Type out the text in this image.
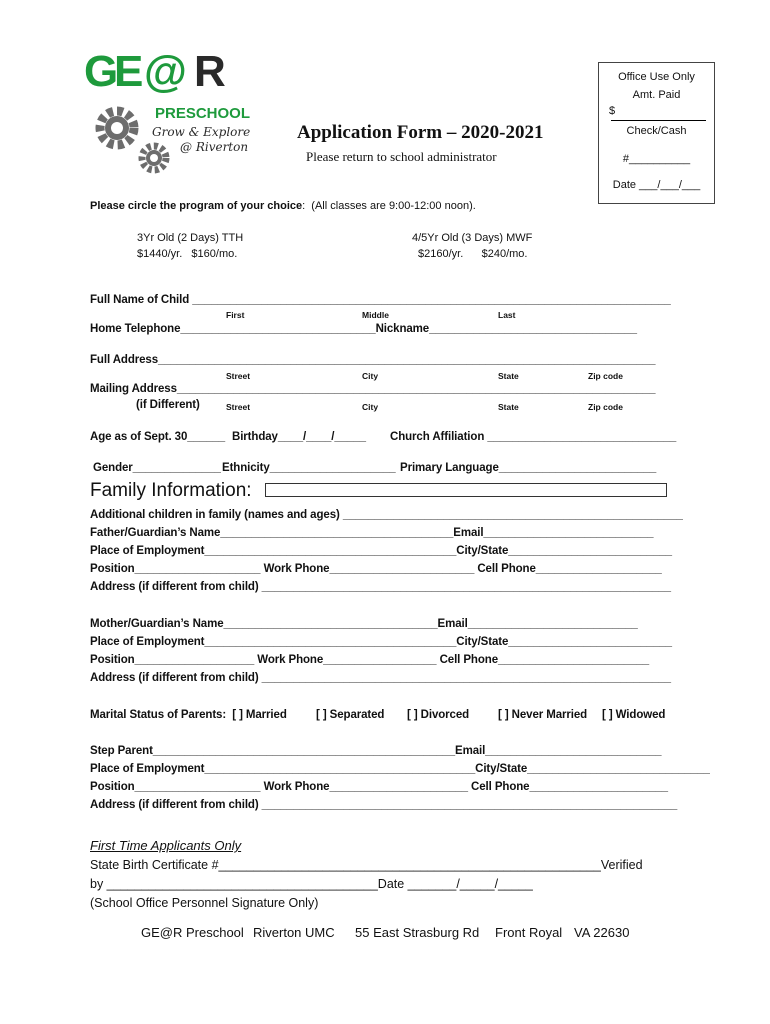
G
E @ R
PRESCHOOL
Grow & Explore
@ Riverton
Office Use Only
Amt. Paid
$
Check/Cash
#__________
Date ___/___/___
Application Form – 2020-2021
Please return to school administrator
Please circle the program of your choice:  (All classes are 9:00-12:00 noon).
3Yr Old (2 Days) TTH
$1440/yr.   $160/mo.
4/5Yr Old (3 Days) MWF
$2160/yr.      $240/mo.
Full Name of Child ____________________________________________________________________________
First	Middle	Last
Home Telephone_______________________________Nickname_________________________________
Full Address_______________________________________________________________________________
Street	City	State	Zip code
Mailing Address____________________________________________________________________________
(if Different)	Street	City	State	Zip code
Age as of Sept. 30______ Birthday____/____/_____ Church Affiliation ______________________________
Gender______________ Ethnicity____________________ Primary Language_________________________
Family Information:
Additional children in family (names and ages) ______________________________________________________
Father/Guardian’s Name_____________________________________Email___________________________
Place of Employment________________________________________City/State__________________________
Position____________________ Work Phone_______________________ Cell Phone____________________
Address (if different from child) _________________________________________________________________
Mother/Guardian’s Name__________________________________Email___________________________
Place of Employment________________________________________City/State__________________________
Position___________________ Work Phone__________________ Cell Phone________________________
Address (if different from child) _________________________________________________________________
Marital Status of Parents:  [ ] Married	[ ] Separated [ ] Divorced	[ ] Never Married [ ] Widowed
Step Parent________________________________________________Email____________________________
Place of Employment___________________________________________City/State_____________________________
Position____________________ Work Phone______________________ Cell Phone______________________
Address (if different from child) __________________________________________________________________
First Time Applicants Only
State Birth Certificate #_______________________________________________________Verified
by _______________________________________Date _______/_____/_____
(School Office Personnel Signature Only)
GE@R Preschool Riverton UMC 55 East Strasburg Rd Front Royal VA 22630
